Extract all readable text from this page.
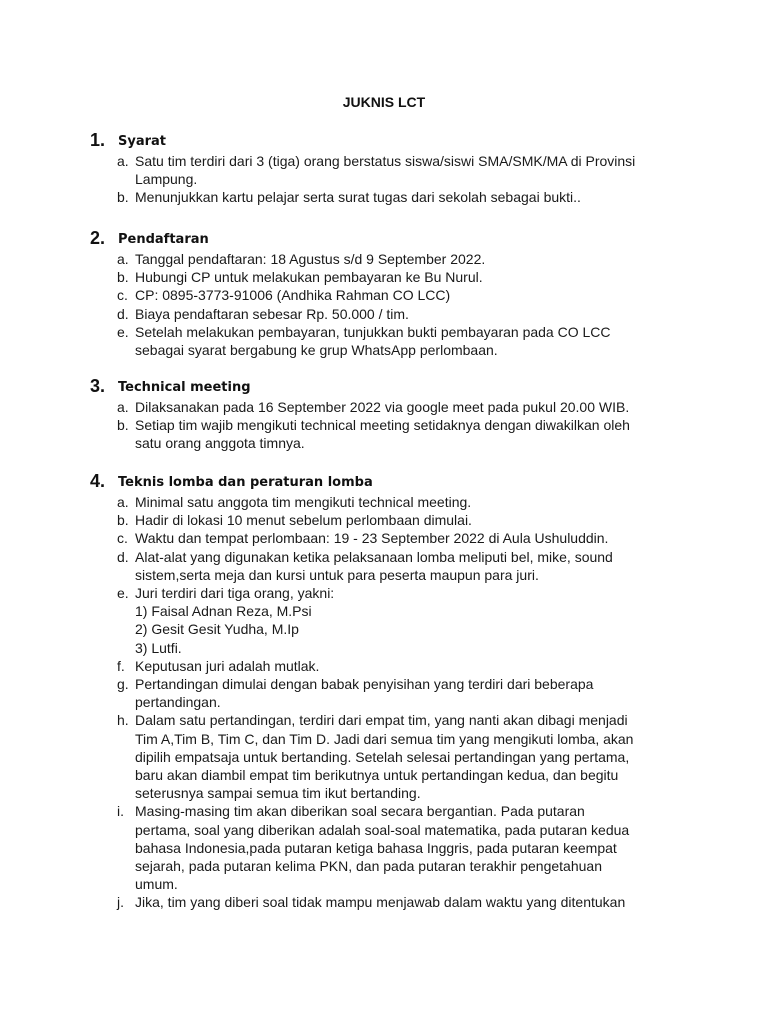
JUKNIS LCT
1. Syarat
a. Satu tim terdiri dari 3 (tiga) orang berstatus siswa/siswi SMA/SMK/MA di Provinsi
Lampung.
b. Menunjukkan kartu pelajar serta surat tugas dari sekolah sebagai bukti..
2. Pendaftaran
a. Tanggal pendaftaran: 18 Agustus s/d 9 September 2022.
b. Hubungi CP untuk melakukan pembayaran ke Bu Nurul.
c. CP: 0895-3773-91006 (Andhika Rahman CO LCC)
d. Biaya pendaftaran sebesar Rp. 50.000 / tim.
e. Setelah melakukan pembayaran, tunjukkan bukti pembayaran pada CO LCC
sebagai syarat bergabung ke grup WhatsApp perlombaan.
3. Technical meeting
a. Dilaksanakan pada 16 September 2022 via google meet pada pukul 20.00 WIB.
b. Setiap tim wajib mengikuti technical meeting setidaknya dengan diwakilkan oleh
satu orang anggota timnya.
4. Teknis lomba dan peraturan lomba
a. Minimal satu anggota tim mengikuti technical meeting.
b. Hadir di lokasi 10 menut sebelum perlombaan dimulai.
c. Waktu dan tempat perlombaan: 19 - 23 September 2022 di Aula Ushuluddin.
d. Alat-alat yang digunakan ketika pelaksanaan lomba meliputi bel, mike, sound
sistem,serta meja dan kursi untuk para peserta maupun para juri.
e. Juri terdiri dari tiga orang, yakni:
1) Faisal Adnan Reza, M.Psi
2) Gesit Gesit Yudha, M.Ip
3) Lutfi.
f. Keputusan juri adalah mutlak.
g. Pertandingan dimulai dengan babak penyisihan yang terdiri dari beberapa
pertandingan.
h. Dalam satu pertandingan, terdiri dari empat tim, yang nanti akan dibagi menjadi
Tim A,Tim B, Tim C, dan Tim D. Jadi dari semua tim yang mengikuti lomba, akan
dipilih empatsaja untuk bertanding. Setelah selesai pertandingan yang pertama,
baru akan diambil empat tim berikutnya untuk pertandingan kedua, dan begitu
seterusnya sampai semua tim ikut bertanding.
i. Masing-masing tim akan diberikan soal secara bergantian. Pada putaran
pertama, soal yang diberikan adalah soal-soal matematika, pada putaran kedua
bahasa Indonesia,pada putaran ketiga bahasa Inggris, pada putaran keempat
sejarah, pada putaran kelima PKN, dan pada putaran terakhir pengetahuan
umum.
j. Jika, tim yang diberi soal tidak mampu menjawab dalam waktu yang ditentukan
